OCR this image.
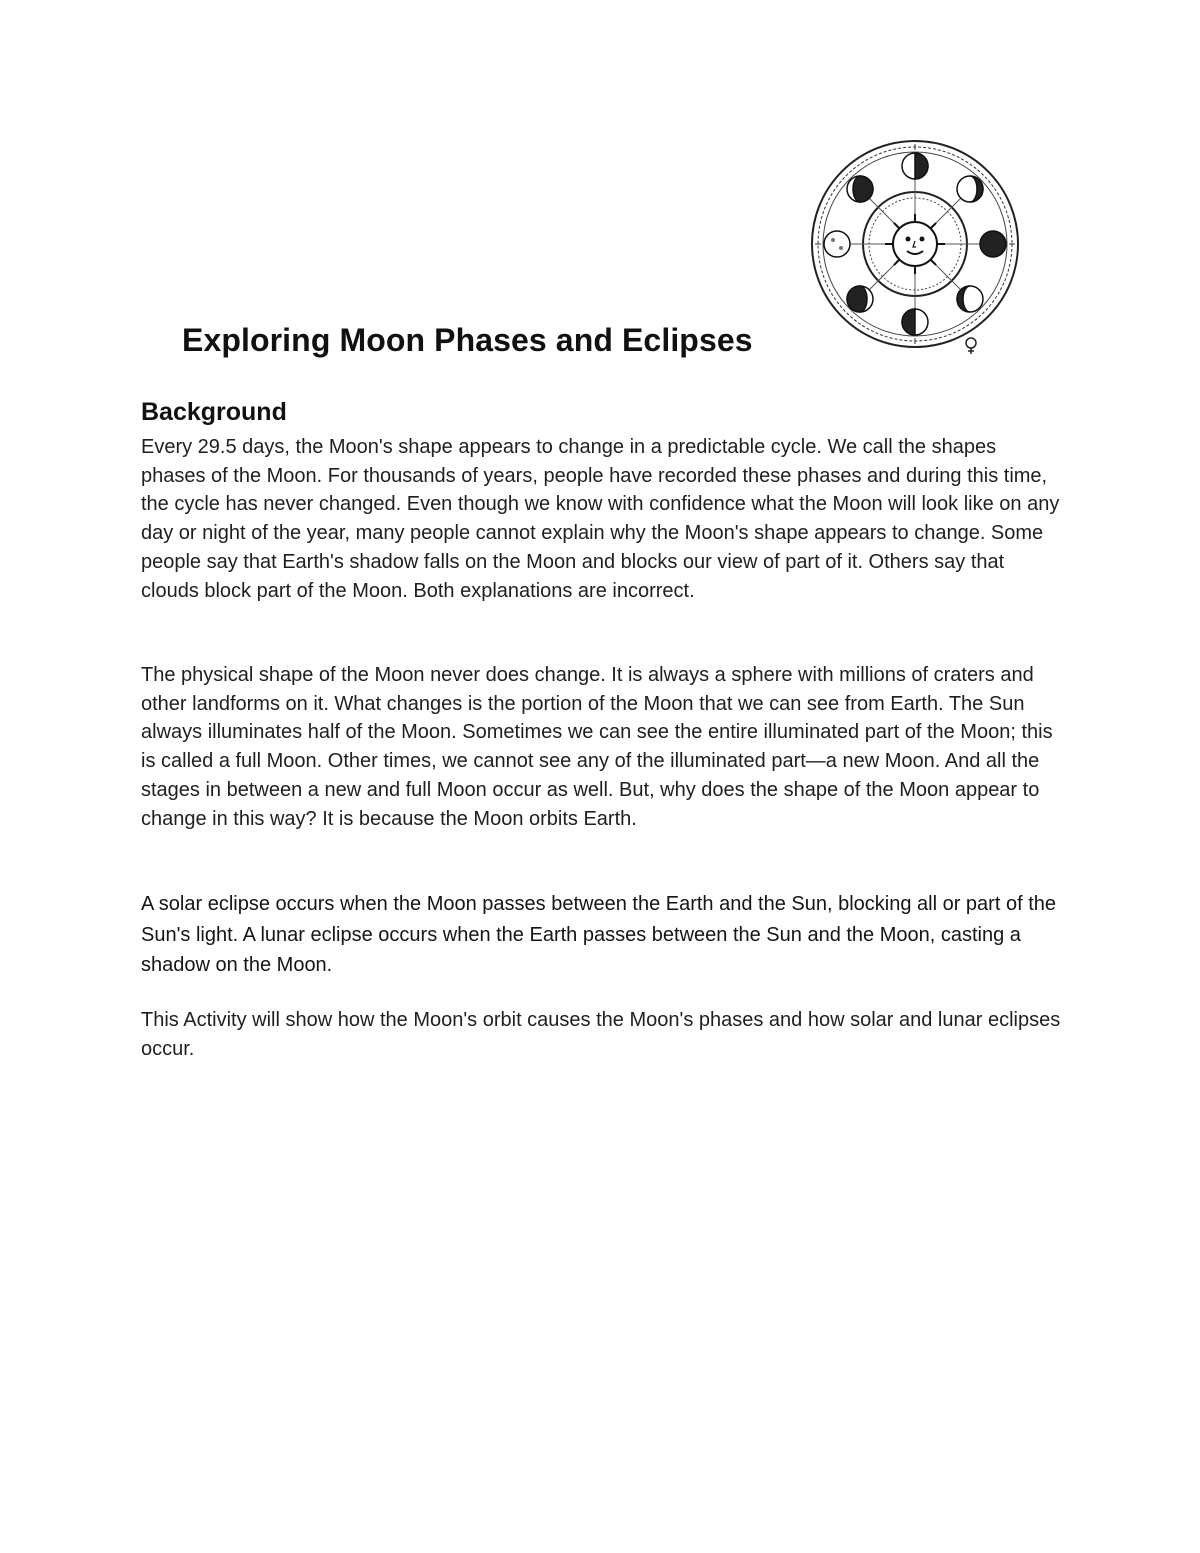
Exploring Moon Phases and Eclipses
Background

Every 29.5 days, the Moon's shape appears to change in a predictable cycle. We call the shapes phases of the Moon. For thousands of years, people have recorded these phases and during this time, the cycle has never changed. Even though we know with confidence what the Moon will look like on any day or night of the year, many people cannot explain why the Moon's shape appears to change. Some people say that Earth's shadow falls on the Moon and blocks our view of part of it. Others say that clouds block part of the Moon. Both explanations are incorrect.

The physical shape of the Moon never does change. It is always a sphere with millions of craters and other landforms on it. What changes is the portion of the Moon that we can see from Earth. The Sun always illuminates half of the Moon. Sometimes we can see the entire illuminated part of the Moon; this is called a full Moon. Other times, we cannot see any of the illuminated part—a new Moon. And all the stages in between a new and full Moon occur as well. But, why does the shape of the Moon appear to change in this way? It is because the Moon orbits Earth.

A solar eclipse occurs when the Moon passes between the Earth and the Sun, blocking all or part of the Sun's light. A lunar eclipse occurs when the Earth passes between the Sun and the Moon, casting a shadow on the Moon.

This Activity will show how the Moon's orbit causes the Moon's phases and how solar and lunar eclipses occur.
